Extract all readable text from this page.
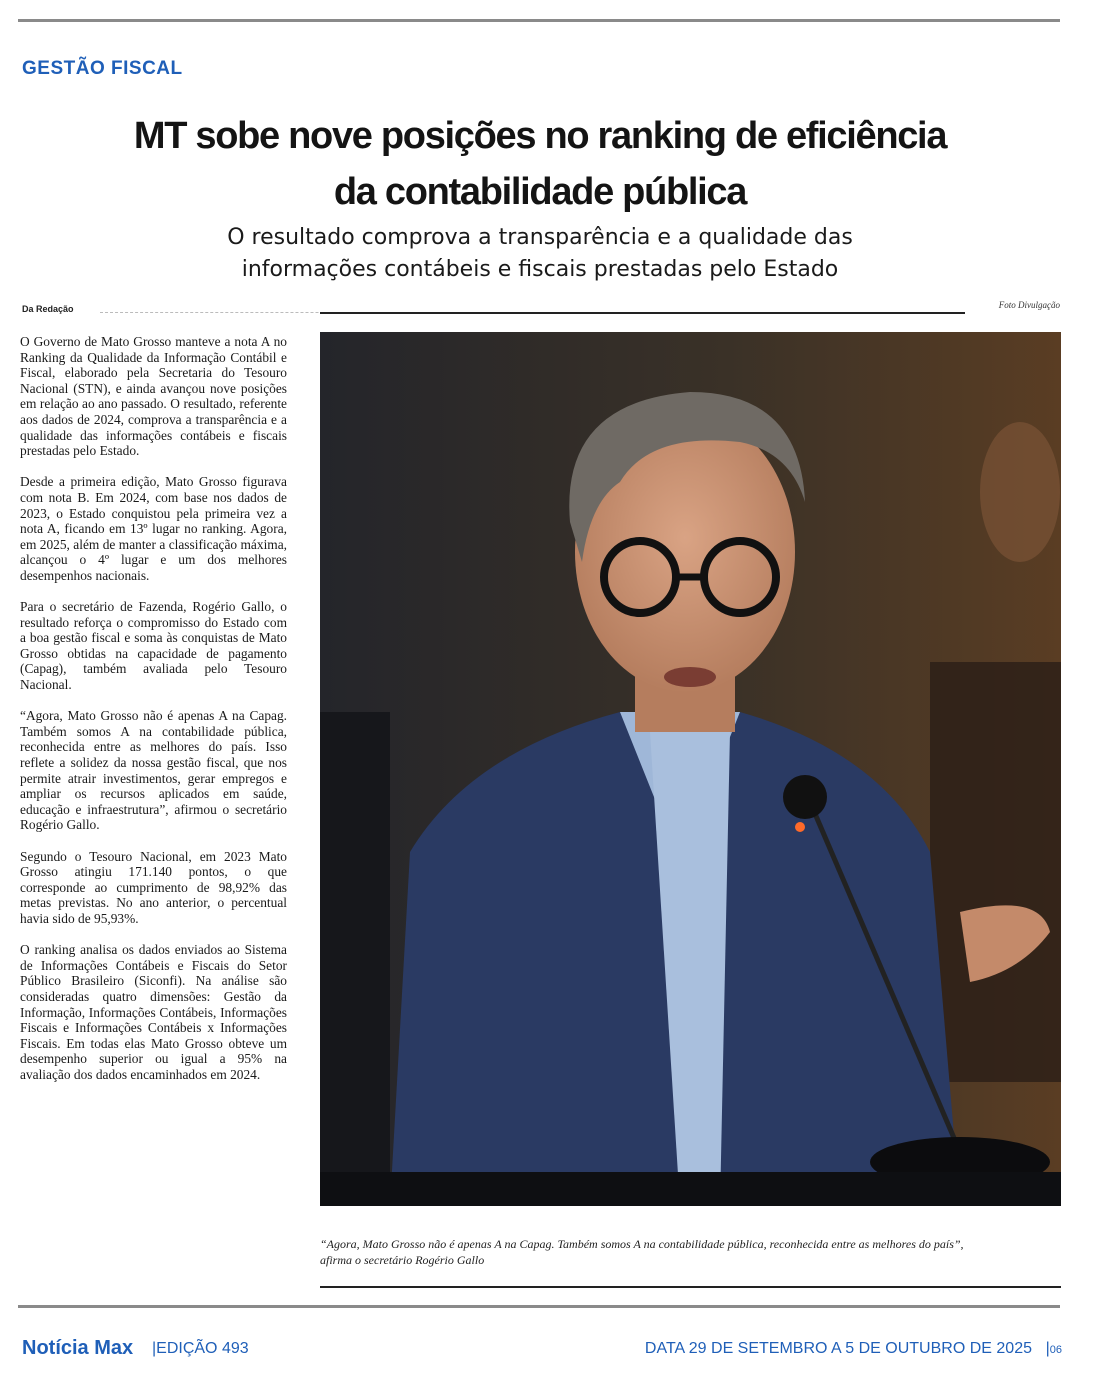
GESTÃO FISCAL
MT sobe nove posições no ranking de eficiência
da contabilidade pública

O resultado comprova a transparência e a qualidade das
informações contábeis e fiscais prestadas pelo Estado

Da Redação	Foto Divulgação

O Governo de Mato Grosso manteve a nota A no Ranking da Qualidade da Informação Contábil e Fiscal, elaborado pela Secretaria do Tesouro Nacional (STN), e ainda avançou nove posições em relação ao ano passado. O resultado, referente aos dados de 2024, comprova a transparência e a qualidade das informações contábeis e fiscais prestadas pelo Estado.

Desde a primeira edição, Mato Grosso figurava com nota B. Em 2024, com base nos dados de 2023, o Estado conquistou pela primeira vez a nota A, ficando em 13º lugar no ranking. Agora, em 2025, além de manter a classificação máxima, alcançou o 4º lugar e um dos melhores desempenhos nacionais.

Para o secretário de Fazenda, Rogério Gallo, o resultado reforça o compromisso do Estado com a boa gestão fiscal e soma às conquistas de Mato Grosso obtidas na capacidade de pagamento (Capag), também avaliada pelo Tesouro Nacional.

“Agora, Mato Grosso não é apenas A na Capag. Também somos A na contabilidade pública, reconhecida entre as melhores do país. Isso reflete a solidez da nossa gestão fiscal, que nos permite atrair investimentos, gerar empregos e ampliar os recursos aplicados em saúde, educação e infraestrutura”, afirmou o secretário Rogério Gallo.

Segundo o Tesouro Nacional, em 2023 Mato Grosso atingiu 171.140 pontos, o que corresponde ao cumprimento de 98,92% das metas previstas. No ano anterior, o percentual havia sido de 95,93%.

O ranking analisa os dados enviados ao Sistema de Informações Contábeis e Fiscais do Setor Público Brasileiro (Siconfi). Na análise são consideradas quatro dimensões: Gestão da Informação, Informações Contábeis, Informações Fiscais e Informações Contábeis x Informações Fiscais. Em todas elas Mato Grosso obteve um desempenho superior ou igual a 95% na avaliação dos dados encaminhados em 2024.

“Agora, Mato Grosso não é apenas A na Capag. Também somos A na contabilidade pública, reconhecida entre as melhores do país”,
afirma o secretário Rogério Gallo
Notícia Max |EDIÇÃO 493	DATA 29 DE SETEMBRO A 5 DE OUTUBRO DE 2025 |06
